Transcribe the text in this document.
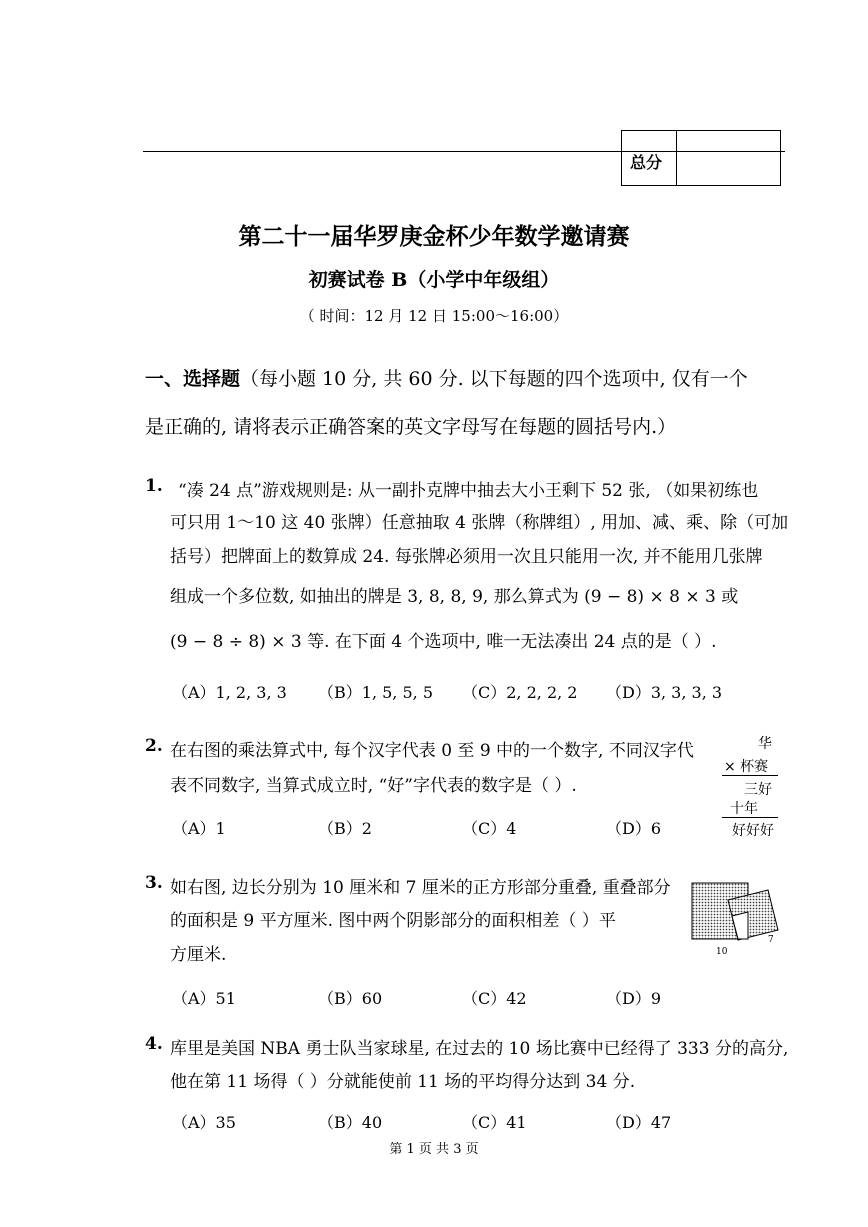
总分
第二十一届华罗庚金杯少年数学邀请赛
初赛试卷 B（小学中年级组）
（ 时间：12 月 12 日 15:00～16:00）
一、选择题（每小题 10 分, 共 60 分. 以下每题的四个选项中, 仅有一个
是正确的, 请将表示正确答案的英文字母写在每题的圆括号内.）
1. “凑 24 点”游戏规则是: 从一副扑克牌中抽去大小王剩下 52 张, （如果初练也
可只用 1～10 这 40 张牌）任意抽取 4 张牌（称牌组）, 用加、减、乘、除（可加
括号）把牌面上的数算成 24. 每张牌必须用一次且只能用一次, 并不能用几张牌
组成一个多位数, 如抽出的牌是 3, 8, 8, 9, 那么算式为 (9 − 8) × 8 × 3 或
(9 − 8 ÷ 8) × 3 等. 在下面 4 个选项中, 唯一无法凑出 24 点的是（ ）.
（A）1, 2, 3, 3 （B）1, 5, 5, 5 （C）2, 2, 2, 2 （D）3, 3, 3, 3
2. 在右图的乘法算式中, 每个汉字代表 0 至 9 中的一个数字, 不同汉字代
表不同数字, 当算式成立时, “好”字代表的数字是（ ）.
（A）1	（B）2	（C）4	（D）6
华
× 杯赛
三好
十年
好好好
3. 如右图, 边长分别为 10 厘米和 7 厘米的正方形部分重叠, 重叠部分
的面积是 9 平方厘米. 图中两个阴影部分的面积相差（ ）平
方厘米.
（A）51	（B）60	（C）42	（D）9
10
7
4. 库里是美国 NBA 勇士队当家球星, 在过去的 10 场比赛中已经得了 333 分的高分,
他在第 11 场得（ ）分就能使前 11 场的平均得分达到 34 分.
（A）35	（B）40	（C）41	（D）47
第 1 页 共 3 页
